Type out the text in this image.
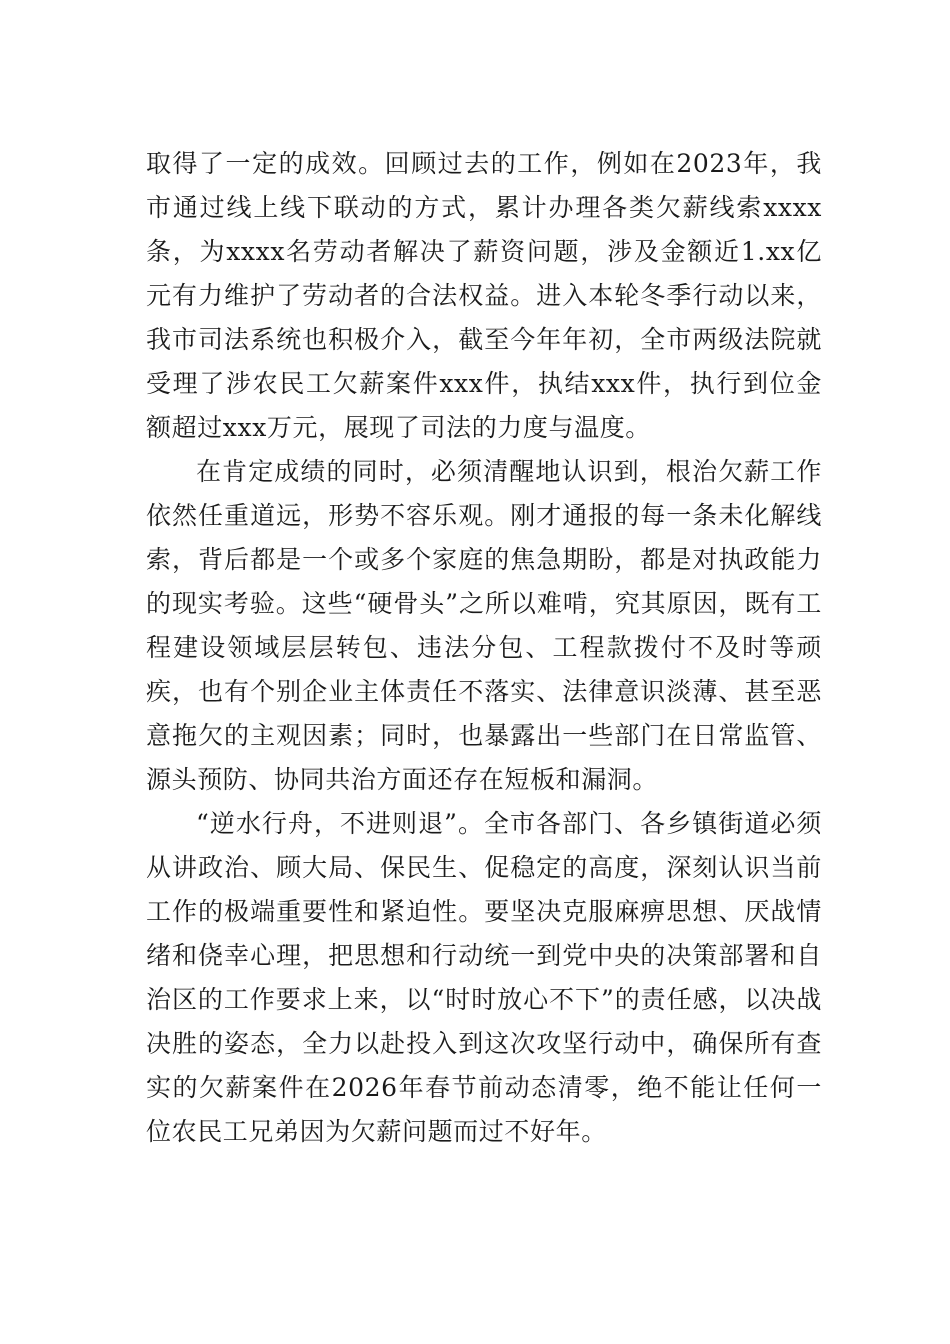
取得了一定的成效。回顾过去的工作，例如在2023年，我市通过线上线下联动的方式，累计办理各类欠薪线索xxxx条，为xxxx名劳动者解决了薪资问题，涉及金额近1.xx亿元有力维护了劳动者的合法权益。进入本轮冬季行动以来，我市司法系统也积极介入，截至今年年初，全市两级法院就受理了涉农民工欠薪案件xxx件，执结xxx件，执行到位金额超过xxx万元，展现了司法的力度与温度。

在肯定成绩的同时，必须清醒地认识到，根治欠薪工作依然任重道远，形势不容乐观。刚才通报的每一条未化解线索，背后都是一个或多个家庭的焦急期盼，都是对执政能力的现实考验。这些“硬骨头”之所以难啃，究其原因，既有工程建设领域层层转包、违法分包、工程款拨付不及时等顽疾，也有个别企业主体责任不落实、法律意识淡薄、甚至恶意拖欠的主观因素；同时，也暴露出一些部门在日常监管、源头预防、协同共治方面还存在短板和漏洞。

“逆水行舟，不进则退”。全市各部门、各乡镇街道必须从讲政治、顾大局、保民生、促稳定的高度，深刻认识当前工作的极端重要性和紧迫性。要坚决克服麻痹思想、厌战情绪和侥幸心理，把思想和行动统一到党中央的决策部署和自治区的工作要求上来，以“时时放心不下”的责任感，以决战决胜的姿态，全力以赴投入到这次攻坚行动中，确保所有查实的欠薪案件在2026年春节前动态清零，绝不能让任何一位农民工兄弟因为欠薪问题而过不好年。
